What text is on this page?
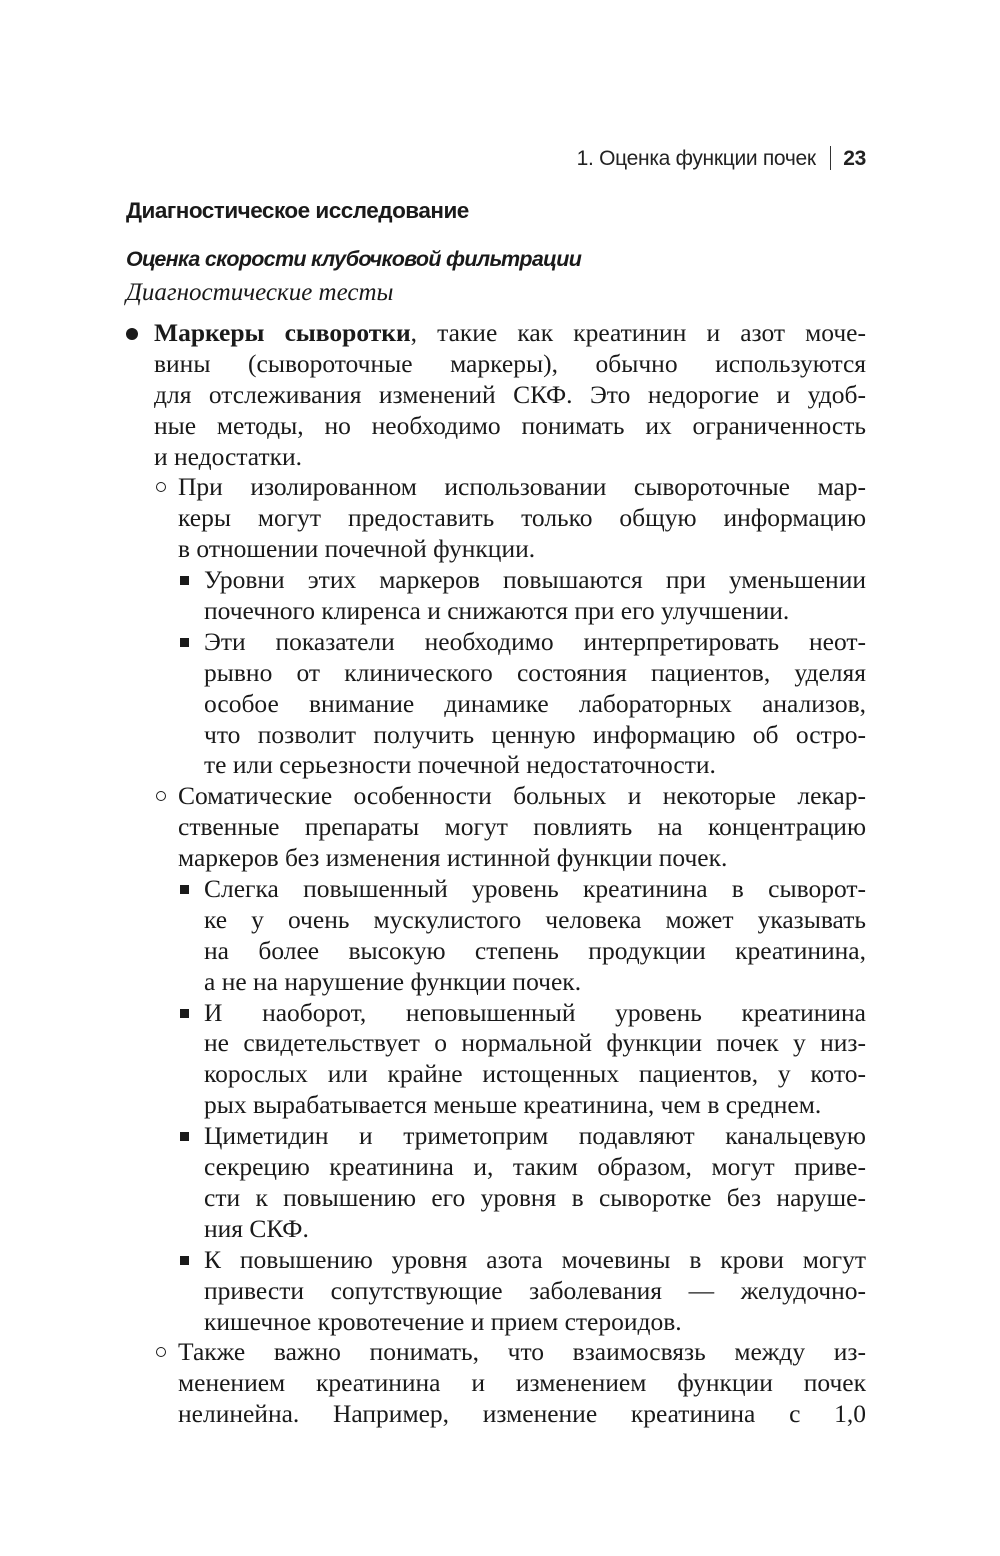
1. Оценка функции почек 23
Диагностическое исследование
Оценка скорости клубочковой фильтрации
Диагностические тесты
Маркеры сыворотки, такие как креатинин и азот моче-
вины (сывороточные маркеры), обычно используются
для отслеживания изменений СКФ. Это недорогие и удоб-
ные методы, но необходимо понимать их ограниченность
и недостатки.
При изолированном использовании сывороточные мар-
керы могут предоставить только общую информацию
в отношении почечной функции.
Уровни этих маркеров повышаются при уменьшении
почечного клиренса и снижаются при его улучшении.
Эти показатели необходимо интерпретировать неот-
рывно от клинического состояния пациентов, уделяя
особое внимание динамике лабораторных анализов,
что позволит получить ценную информацию об остро-
те или серьезности почечной недостаточности.
Соматические особенности больных и некоторые лекар-
ственные препараты могут повлиять на концентрацию
маркеров без изменения истинной функции почек.
Слегка повышенный уровень креатинина в сыворот-
ке у очень мускулистого человека может указывать
на более высокую степень продукции креатинина,
а не на нарушение функции почек.
И наоборот, неповышенный уровень креатинина
не свидетельствует о нормальной функции почек у низ-
корослых или крайне истощенных пациентов, у кото-
рых вырабатывается меньше креатинина, чем в среднем.
Циметидин и триметоприм подавляют канальцевую
секрецию креатинина и, таким образом, могут приве-
сти к повышению его уровня в сыворотке без наруше-
ния СКФ.
К повышению уровня азота мочевины в крови могут
привести сопутствующие заболевания — желудочно-
кишечное кровотечение и прием стероидов.
Также важно понимать, что взаимосвязь между из-
менением креатинина и изменением функции почек
нелинейна. Например, изменение креатинина с 1,0
